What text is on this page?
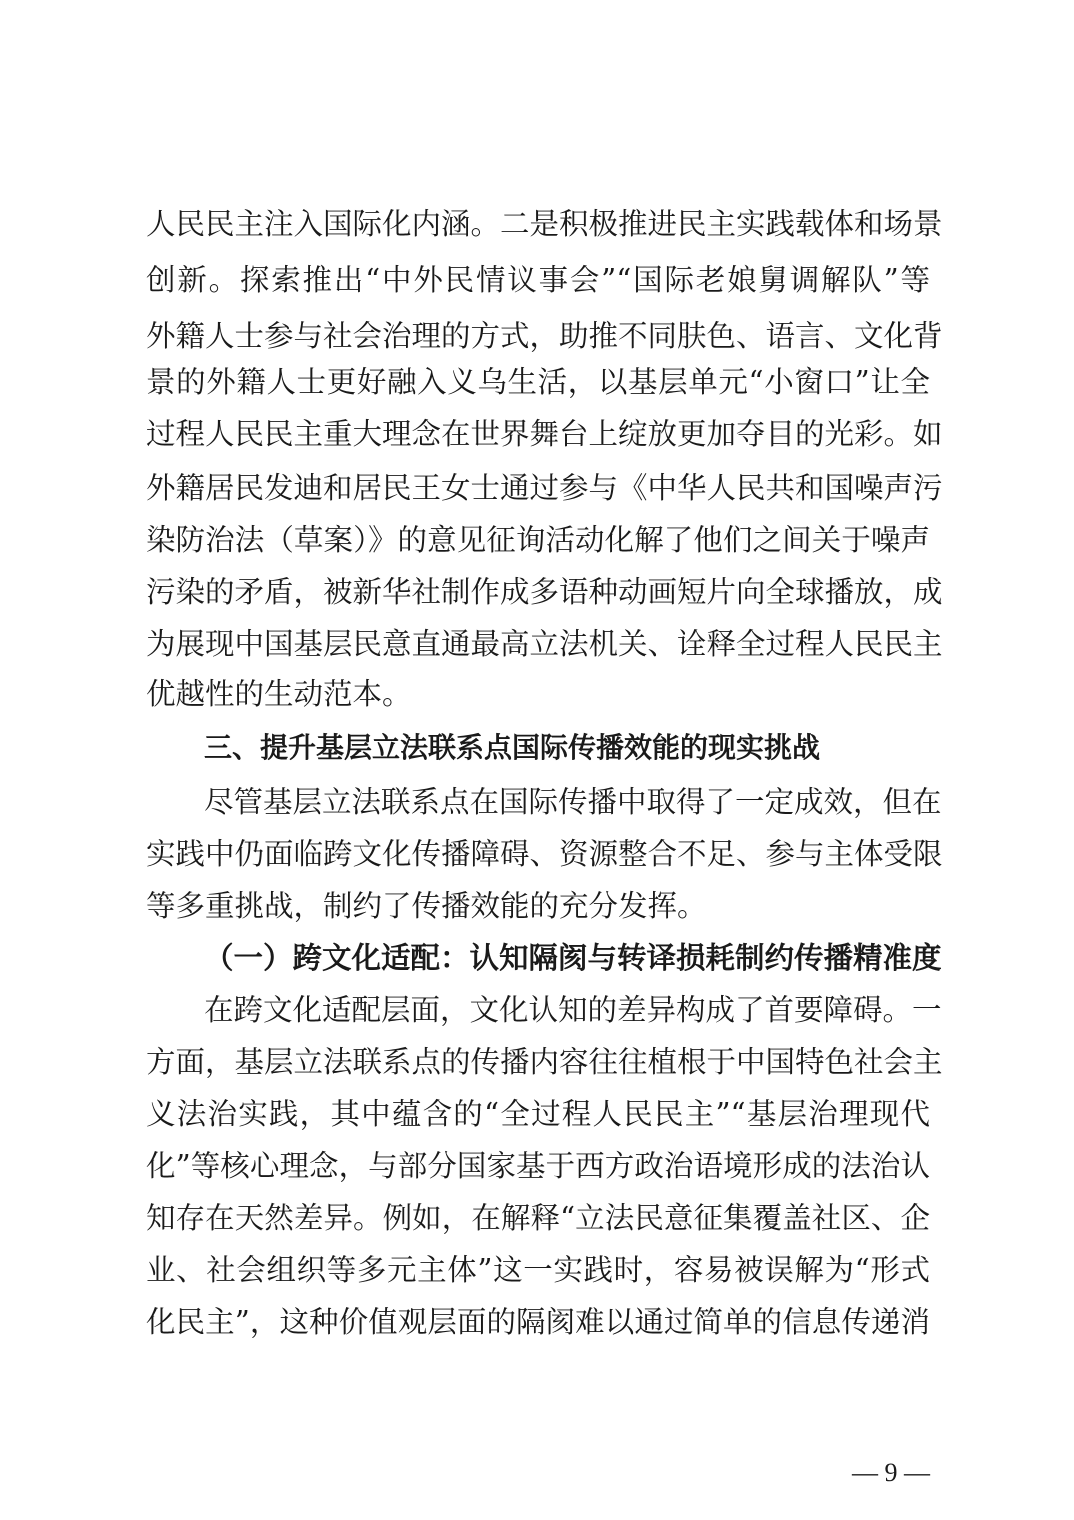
人民民主注入国际化内涵。二是积极推进民主实践载体和场景
创新。探索推出“中外民情议事会”“国际老娘舅调解队”等
外籍人士参与社会治理的方式，助推不同肤色、语言、文化背
景的外籍人士更好融入义乌生活，以基层单元“小窗口”让全
过程人民民主重大理念在世界舞台上绽放更加夺目的光彩。如
外籍居民发迪和居民王女士通过参与《中华人民共和国噪声污
染防治法（草案）》的意见征询活动化解了他们之间关于噪声
污染的矛盾，被新华社制作成多语种动画短片向全球播放，成
为展现中国基层民意直通最高立法机关、诠释全过程人民民主
优越性的生动范本。
三、提升基层立法联系点国际传播效能的现实挑战
尽管基层立法联系点在国际传播中取得了一定成效，但在
实践中仍面临跨文化传播障碍、资源整合不足、参与主体受限
等多重挑战，制约了传播效能的充分发挥。
（一）跨文化适配：认知隔阂与转译损耗制约传播精准度
在跨文化适配层面，文化认知的差异构成了首要障碍。一
方面，基层立法联系点的传播内容往往植根于中国特色社会主
义法治实践，其中蕴含的“全过程人民民主”“基层治理现代
化”等核心理念，与部分国家基于西方政治语境形成的法治认
知存在天然差异。例如，在解释“立法民意征集覆盖社区、企
业、社会组织等多元主体”这一实践时，容易被误解为“形式
化民主”，这种价值观层面的隔阂难以通过简单的信息传递消
— 9 —
